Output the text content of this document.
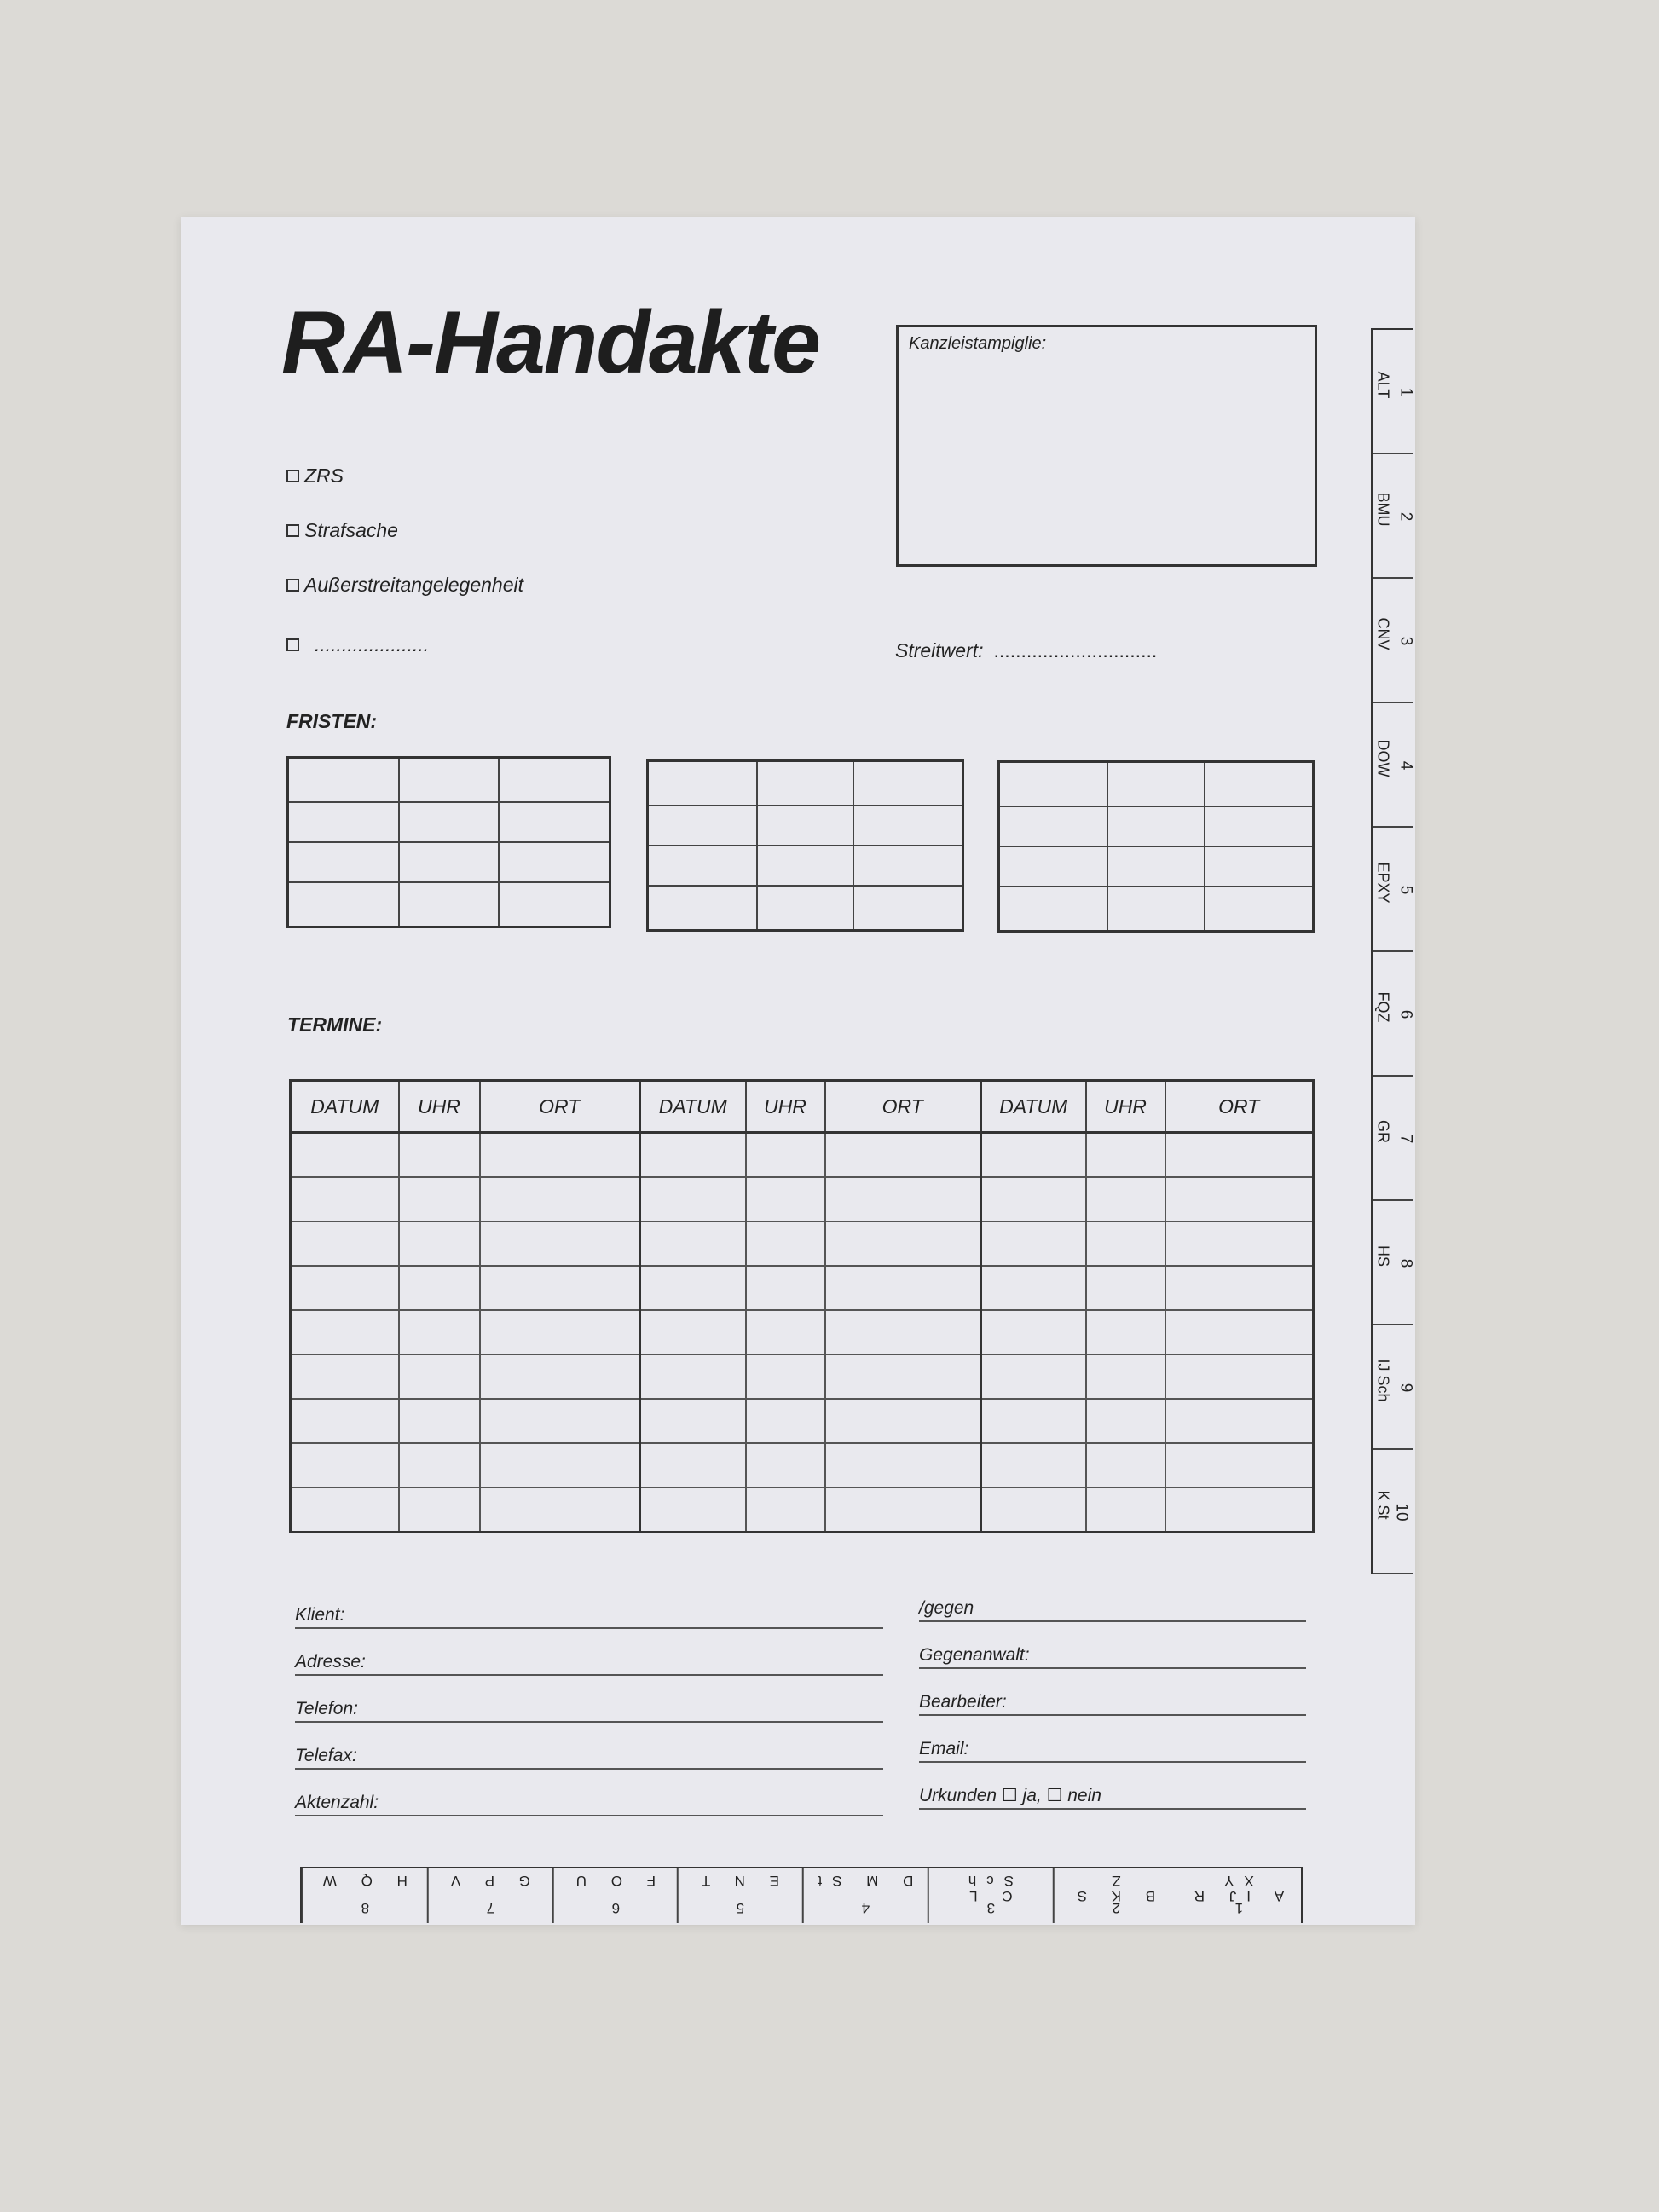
RA-Handakte	Kanzleistampiglie:
ZRS
Strafsache
Außerstreitangelegenheit
.....................	Streitwert: ..............................
FRISTEN:

TERMINE:
DATUM	UHR	ORT	DATUM	UHR	ORT	DATUM	UHR	ORT

Klient:
Adresse:
Telefon:
Telefax:
Aktenzahl:
/gegen
Gegenanwalt:
Bearbeiter:
Email:
Urkunden ☐ ja, ☐ nein
1
ALT
2
BMU
3
CNV
4
DOW
5
EPXY
6
FQZ
7
GR
8
HS
9
IJ Sch
10
K St
8
H Q W
7
G P V
6
F O U
5
E N T
4
D M St
3
C L Sch
2
B K S Z
1
A IJ R XY
